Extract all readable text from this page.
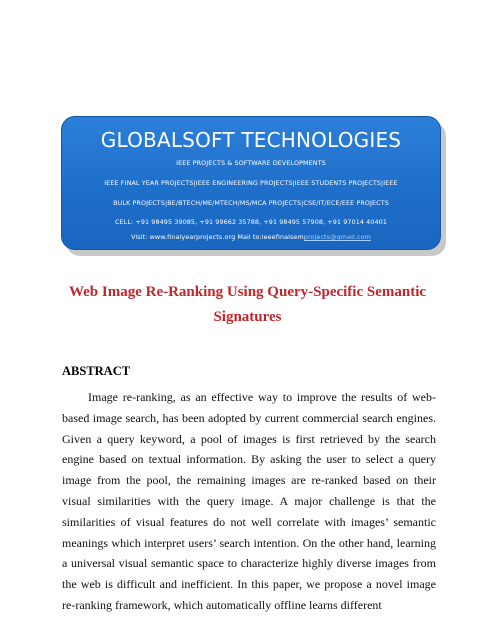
GLOBALSOFT TECHNOLOGIES
IEEE PROJECTS & SOFTWARE DEVELOPMENTS
IEEE FINAL YEAR PROJECTS|IEEE ENGINEERING PROJECTS|IEEE STUDENTS PROJECTS|IEEE
BULK PROJECTS|BE/BTECH/ME/MTECH/MS/MCA PROJECTS|CSE/IT/ECE/EEE PROJECTS
CELL: +91 98495 39085, +91 99662 35788, +91 98495 57908, +91 97014 40401
Visit: www.finalyearprojects.org Mail to:ieeefinalsemprojects@gmail.com
Web Image Re-Ranking Using Query-Specific Semantic Signatures
ABSTRACT

Image re-ranking, as an effective way to improve the results of web-based image search, has been adopted by current commercial search engines. Given a query keyword, a pool of images is first retrieved by the search engine based on textual information. By asking the user to select a query image from the pool, the remaining images are re-ranked based on their visual similarities with the query image. A major challenge is that the similarities of visual features do not well correlate with images’ semantic meanings which interpret users’ search intention. On the other hand, learning a universal visual semantic space to characterize highly diverse images from the web is difficult and inefficient. In this paper, we propose a novel image re-ranking framework, which automatically offline learns different
